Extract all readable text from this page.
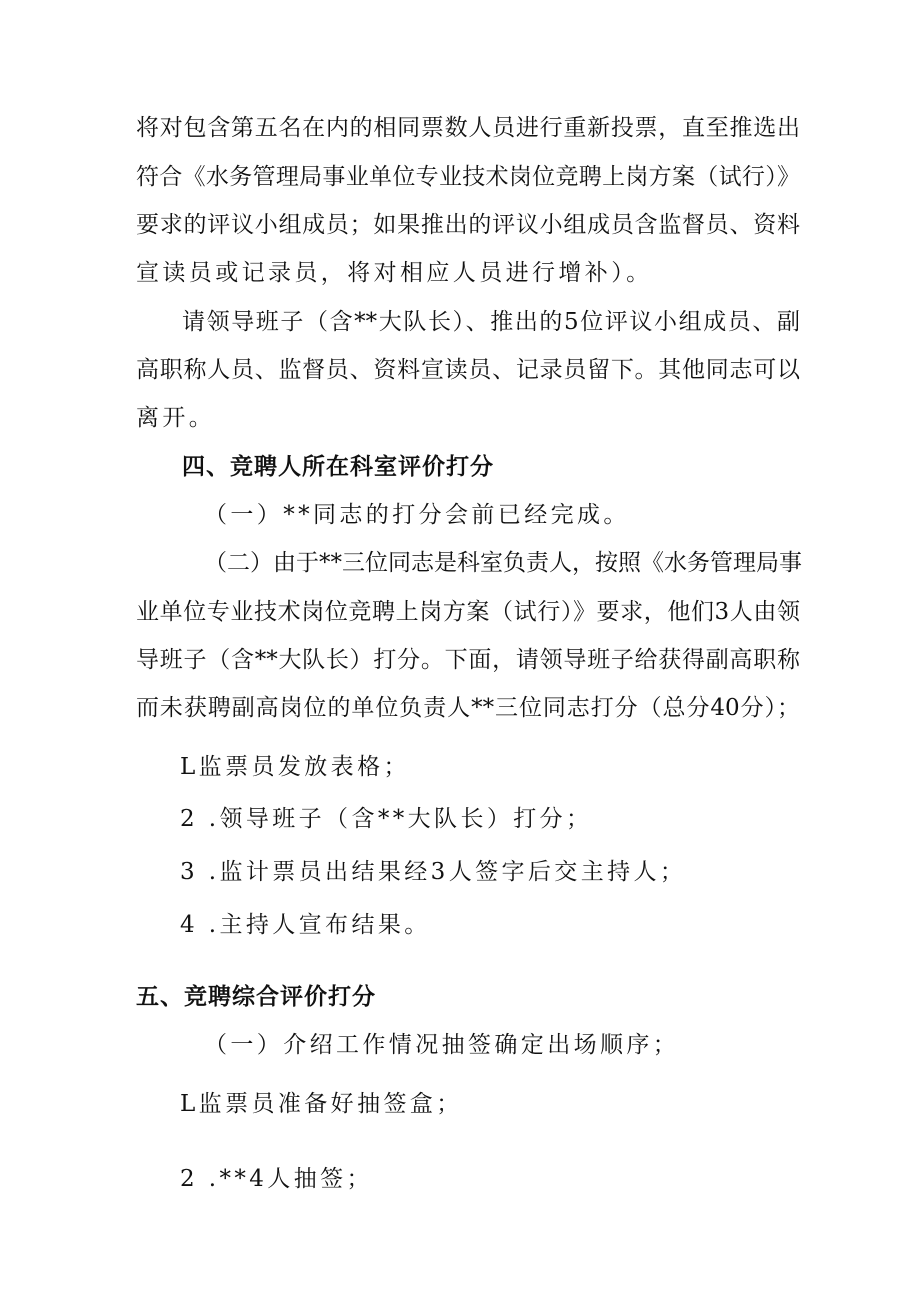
将对包含第五名在内的相同票数人员进行重新投票，直至推选出
符合《水务管理局事业单位专业技术岗位竞聘上岗方案（试行）》
要求的评议小组成员；如果推出的评议小组成员含监督员、资料
宣读员或记录员，将对相应人员进行增补）。
请领导班子（含**大队长）、推出的5位评议小组成员、副
高职称人员、监督员、资料宣读员、记录员留下。其他同志可以
离开。
四、竞聘人所在科室评价打分
（一）**同志的打分会前已经完成。
（二）由于**三位同志是科室负责人，按照《水务管理局事
业单位专业技术岗位竞聘上岗方案（试行）》要求，他们3人由领
导班子（含**大队长）打分。下面，请领导班子给获得副高职称
而未获聘副高岗位的单位负责人**三位同志打分（总分40分）；
L监票员发放表格；
2 .领导班子（含**大队长）打分；
3 .监计票员出结果经3人签字后交主持人；
4 .主持人宣布结果。
五、竞聘综合评价打分
（一）介绍工作情况抽签确定出场顺序；
L监票员准备好抽签盒；
2 .**4人抽签；
